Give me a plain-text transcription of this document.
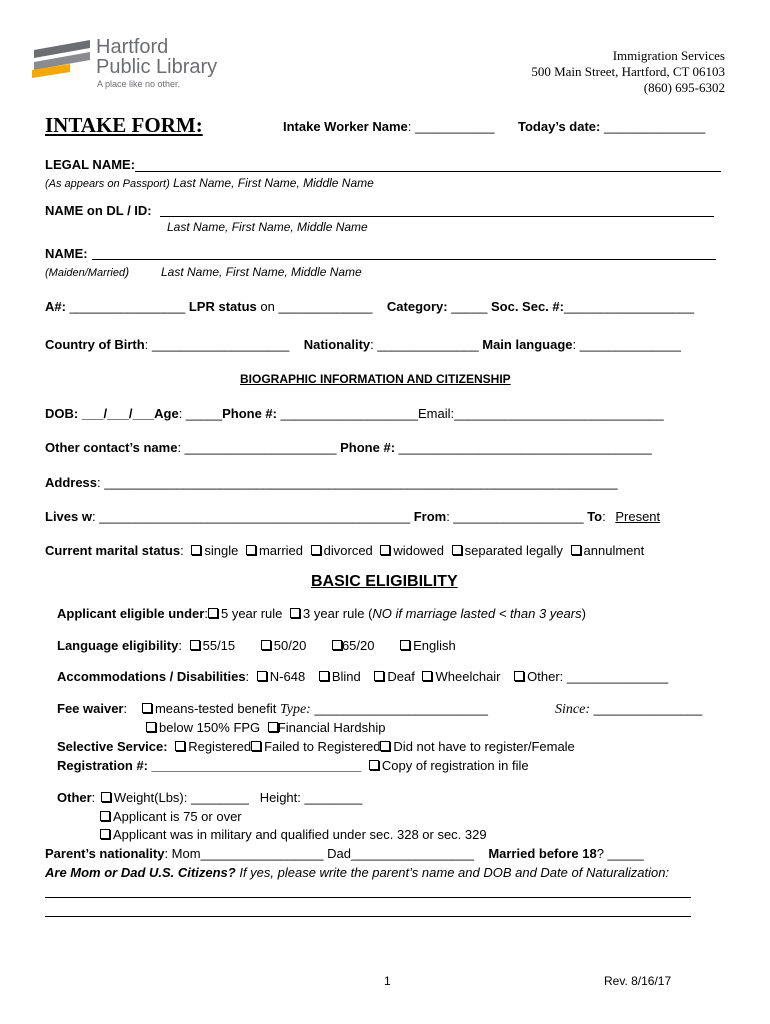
Hartford
Public Library
A place like no other.
Immigration Services
500 Main Street, Hartford, CT 06103
(860) 695-6302
INTAKE FORM:	Intake Worker Name: ___________ Today’s date: ______________
LEGAL NAME:
(As appears on Passport) Last Name, First Name, Middle Name
NAME on DL / ID:
Last Name, First Name, Middle Name
NAME:
(Maiden/Married)	Last Name, First Name, Middle Name
A#: ________________ LPR status on _____________    Category: _____ Soc. Sec. #:__________________
Country of Birth: ___________________    Nationality: ______________ Main language: ______________
BIOGRAPHIC INFORMATION AND CITIZENSHIP
DOB: ___/___/___Age: _____Phone #: ___________________Email:_____________________________
Other contact’s name: _____________________ Phone #: ___________________________________
Address: _______________________________________________________________________
Lives w: ___________________________________________ From: __________________ To: Present
Current marital status: single married divorced widowed separated legally annulment
BASIC ELIGIBILITY
Applicant eligible under: 5 year rule 3 year rule (NO if marriage lasted < than 3 years)
Language eligibility: 55/15	50/20	65/20	English
Accommodations / Disabilities: N-648 Blind Deaf Wheelchair Other: ______________
Fee waiver:   means-tested benefit Type: ________________________	Since: _______________
below 150% FPG Financial Hardship
Selective Service: Registered Failed to Registered Did not have to register/Female
Registration #: _____________________________ Copy of registration in file
Other: Weight(Lbs): ________   Height: ________
Applicant is 75 or over
Applicant was in military and qualified under sec. 328 or sec. 329
Parent’s nationality: Mom_________________ Dad_________________    Married before 18? _____
Are Mom or Dad U.S. Citizens? If yes, please write the parent’s name and DOB and Date of Naturalization:
1	Rev. 8/16/17
